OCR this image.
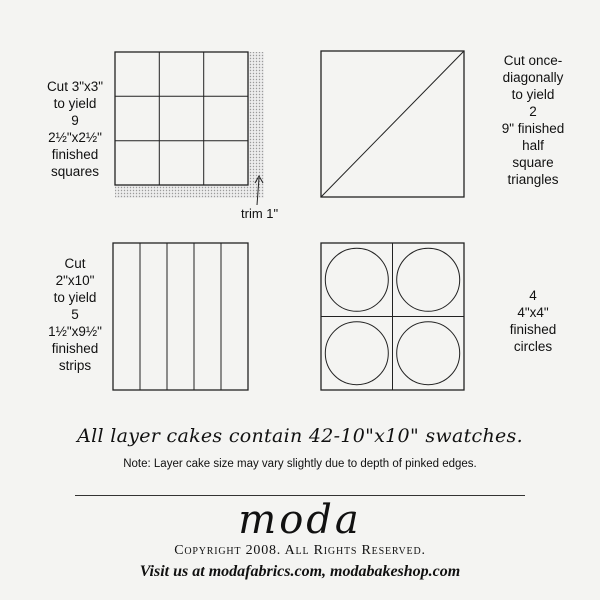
Cut 3"x3"
to yield
9
2½"x2½"
finished
squares
Cut once-
diagonally
to yield
2
9" finished
half
square
triangles
Cut
2"x10"
to yield
5
1½"x9½"
finished
strips
4
4"x4"
finished
circles
trim 1"
All layer cakes contain 42-10"x10" swatches.
Note: Layer cake size may vary slightly due to depth of pinked edges.
moda
Copyright 2008. All Rights Reserved.
Visit us at modafabrics.com, modabakeshop.com
